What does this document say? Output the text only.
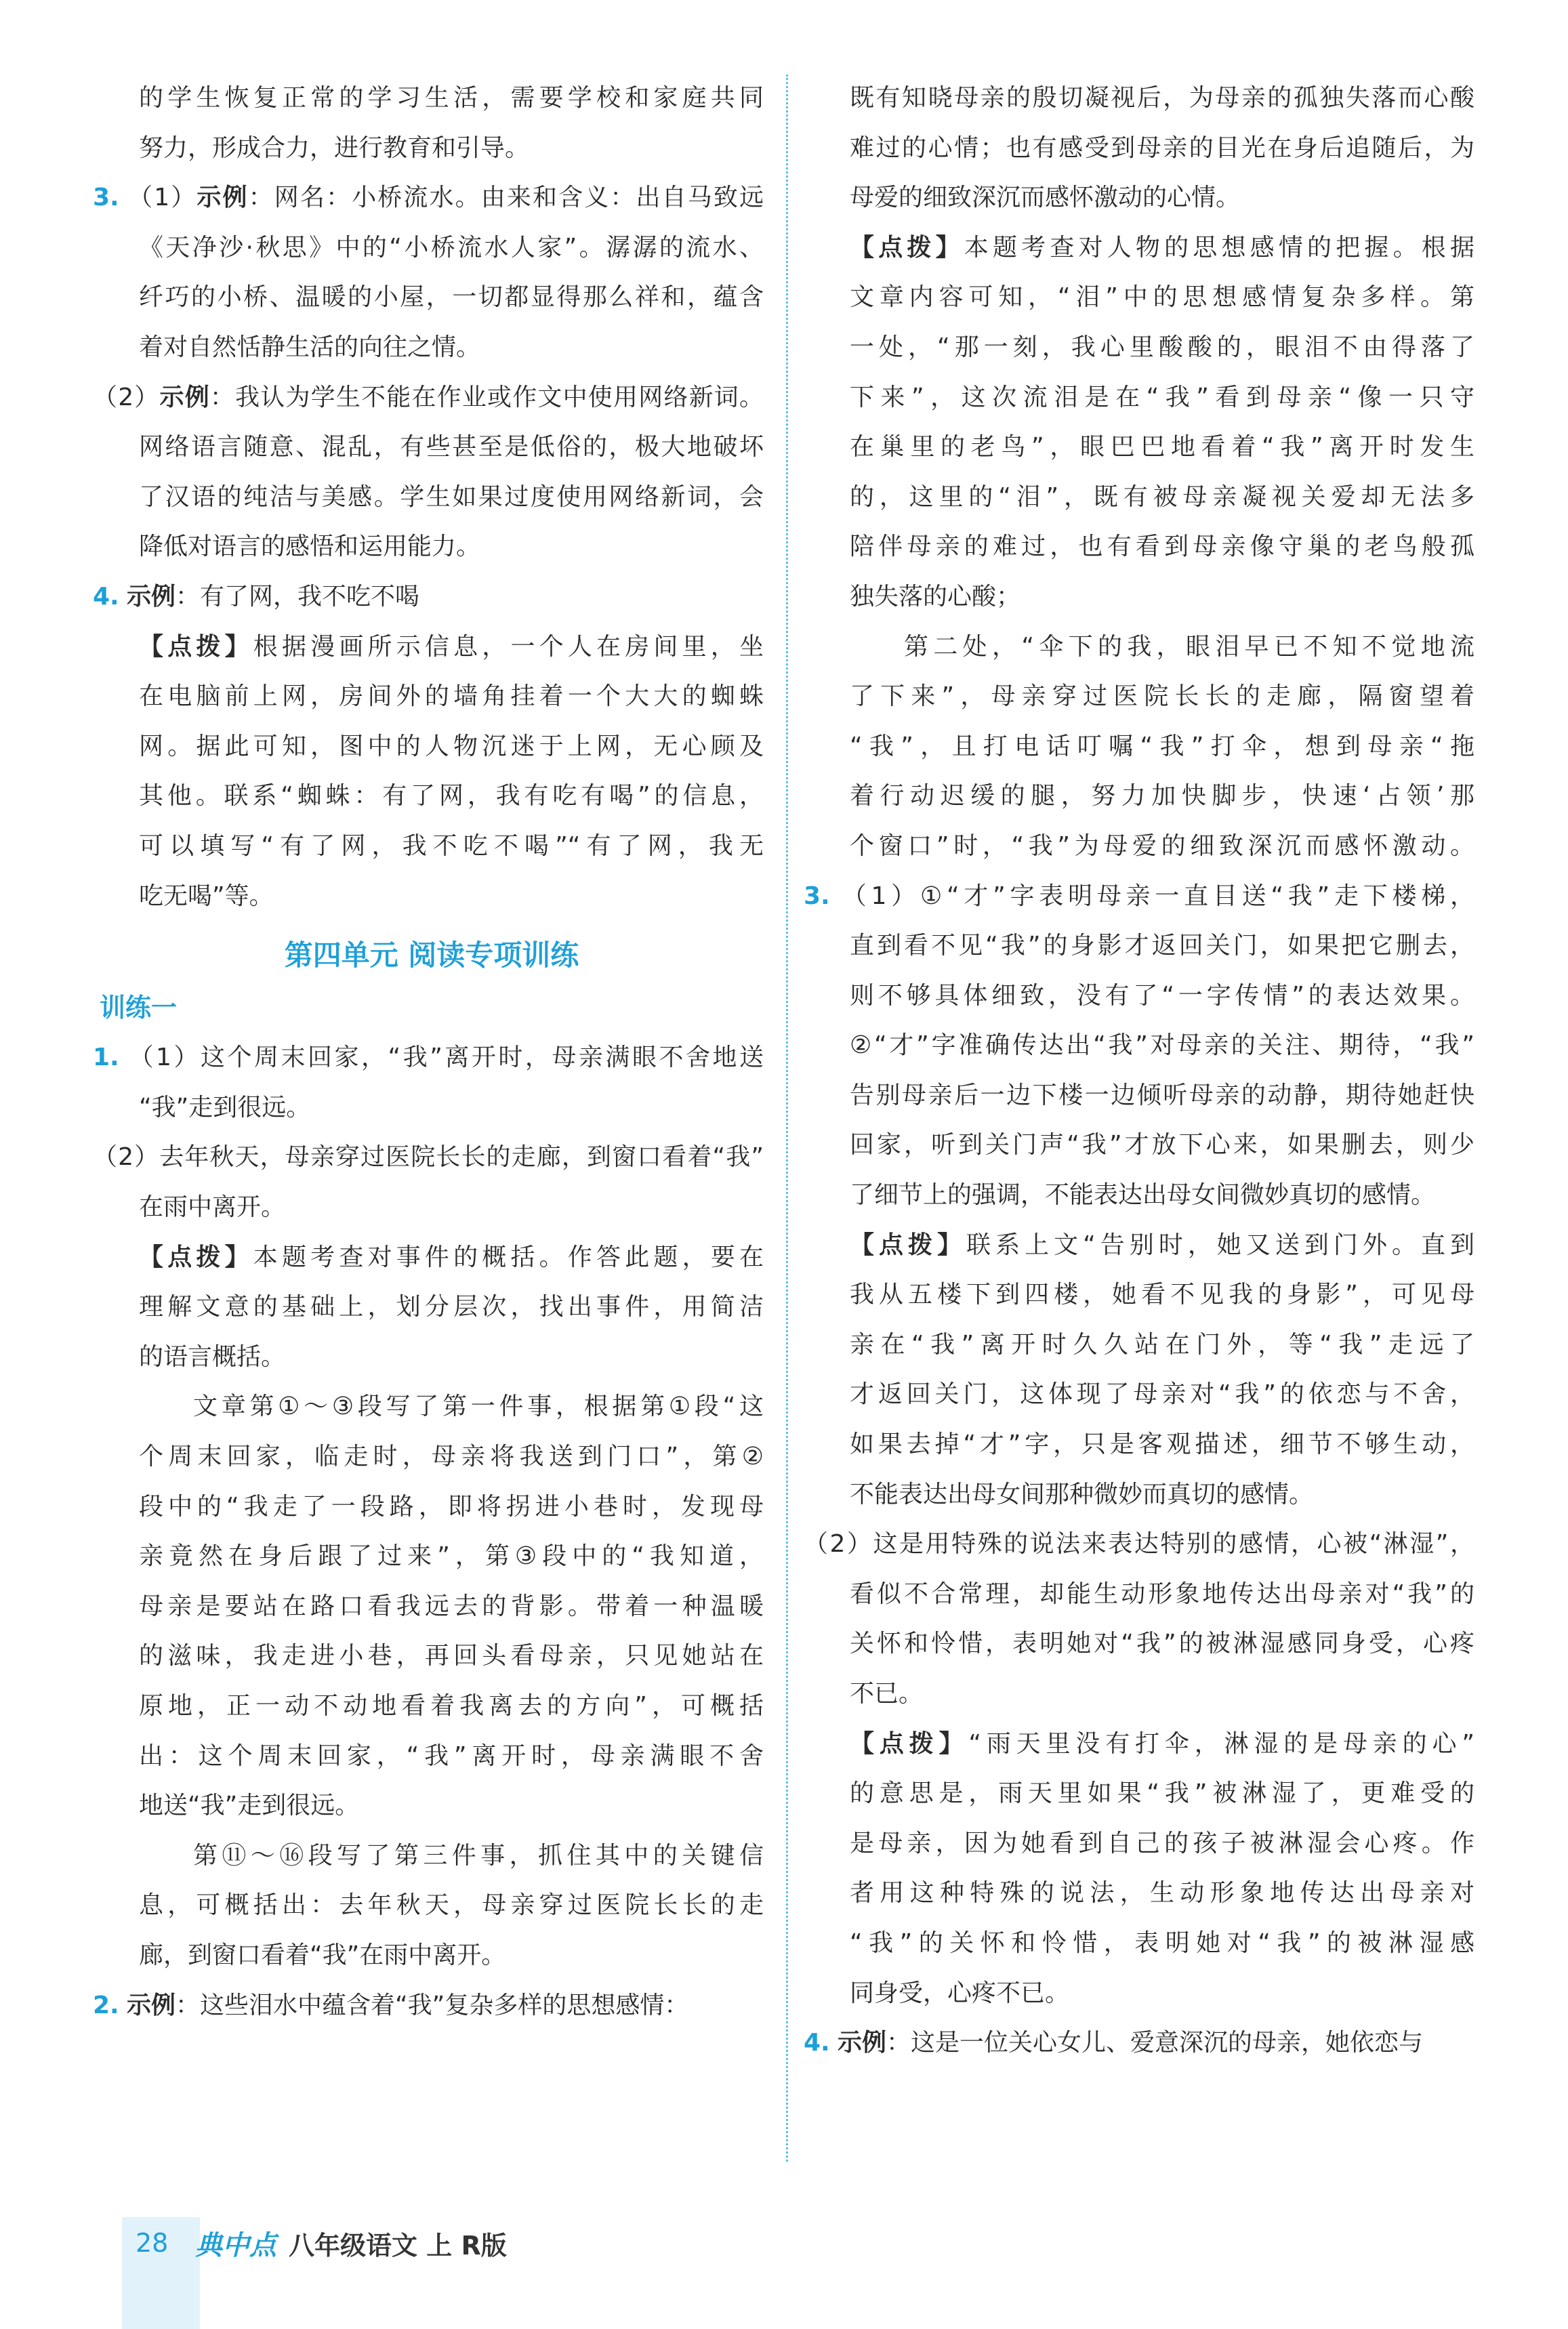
的学生恢复正常的学习生活，需要学校和家庭共同

努力，形成合力，进行教育和引导。

3. （1）示例：网名：小桥流水。由来和含义：出自马致远

《天净沙·秋思》中的“小桥流水人家”。潺潺的流水、

纤巧的小桥、温暖的小屋，一切都显得那么祥和，蕴含

着对自然恬静生活的向往之情。

（2）示例：我认为学生不能在作业或作文中使用网络新词。

网络语言随意、混乱，有些甚至是低俗的，极大地破坏

了汉语的纯洁与美感。学生如果过度使用网络新词，会

降低对语言的感悟和运用能力。

4. 示例：有了网，我不吃不喝

【点拨】根据漫画所示信息，一个人在房间里，坐

在电脑前上网，房间外的墙角挂着一个大大的蜘蛛

网。据此可知，图中的人物沉迷于上网，无心顾及

其他。联系“蜘蛛：有了网，我有吃有喝”的信息，

可以填写“有了网，我不吃不喝”“有了网，我无

吃无喝”等。

第四单元 阅读专项训练

训练一

1. （1）这个周末回家，“我”离开时，母亲满眼不舍地送

“我”走到很远。

（2）去年秋天，母亲穿过医院长长的走廊，到窗口看着“我”

在雨中离开。

【点拨】本题考查对事件的概括。作答此题，要在

理解文意的基础上，划分层次，找出事件，用简洁

的语言概括。

文章第①～③段写了第一件事，根据第①段“这

个周末回家，临走时，母亲将我送到门口”，第②

段中的“我走了一段路，即将拐进小巷时，发现母

亲竟然在身后跟了过来”，第③段中的“我知道，

母亲是要站在路口看我远去的背影。带着一种温暖

的滋味，我走进小巷，再回头看母亲，只见她站在

原地，正一动不动地看着我离去的方向”，可概括

出：这个周末回家，“我”离开时，母亲满眼不舍

地送“我”走到很远。

第⑪～⑯段写了第三件事，抓住其中的关键信

息，可概括出：去年秋天，母亲穿过医院长长的走

廊，到窗口看着“我”在雨中离开。

2. 示例：这些泪水中蕴含着“我”复杂多样的思想感情：

既有知晓母亲的殷切凝视后，为母亲的孤独失落而心酸

难过的心情；也有感受到母亲的目光在身后追随后，为

母爱的细致深沉而感怀激动的心情。

【点拨】本题考查对人物的思想感情的把握。根据

文章内容可知，“泪”中的思想感情复杂多样。第

一处，“那一刻，我心里酸酸的，眼泪不由得落了

下来”，这次流泪是在“我”看到母亲“像一只守

在巢里的老鸟”，眼巴巴地看着“我”离开时发生

的，这里的“泪”，既有被母亲凝视关爱却无法多

陪伴母亲的难过，也有看到母亲像守巢的老鸟般孤

独失落的心酸；

第二处，“伞下的我，眼泪早已不知不觉地流

了下来”，母亲穿过医院长长的走廊，隔窗望着

“我”，且打电话叮嘱“我”打伞，想到母亲“拖

着行动迟缓的腿，努力加快脚步，快速‘占领’那

个窗口”时，“我”为母爱的细致深沉而感怀激动。

3. （1）①“才”字表明母亲一直目送“我”走下楼梯，

直到看不见“我”的身影才返回关门，如果把它删去，

则不够具体细致，没有了“一字传情”的表达效果。

②“才”字准确传达出“我”对母亲的关注、期待，“我”

告别母亲后一边下楼一边倾听母亲的动静，期待她赶快

回家，听到关门声“我”才放下心来，如果删去，则少

了细节上的强调，不能表达出母女间微妙真切的感情。

【点拨】联系上文“告别时，她又送到门外。直到

我从五楼下到四楼，她看不见我的身影”，可见母

亲在“我”离开时久久站在门外，等“我”走远了

才返回关门，这体现了母亲对“我”的依恋与不舍，

如果去掉“才”字，只是客观描述，细节不够生动，

不能表达出母女间那种微妙而真切的感情。

（2）这是用特殊的说法来表达特别的感情，心被“淋湿”，

看似不合常理，却能生动形象地传达出母亲对“我”的

关怀和怜惜，表明她对“我”的被淋湿感同身受，心疼

不已。

【点拨】“雨天里没有打伞，淋湿的是母亲的心”

的意思是，雨天里如果“我”被淋湿了，更难受的

是母亲，因为她看到自己的孩子被淋湿会心疼。作

者用这种特殊的说法，生动形象地传达出母亲对

“我”的关怀和怜惜，表明她对“我”的被淋湿感

同身受，心疼不已。

4. 示例：这是一位关心女儿、爱意深沉的母亲，她依恋与

28 典中点 八年级语文 上 R版
